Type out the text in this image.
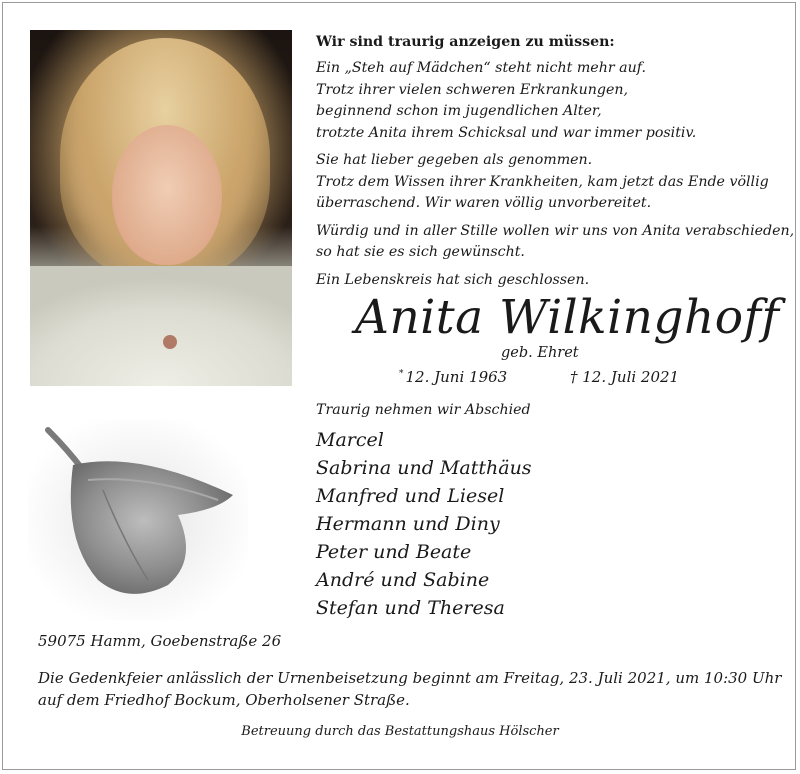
Wir sind traurig anzeigen zu müssen:
Ein „Steh auf Mädchen“ steht nicht mehr auf.
Trotz ihrer vielen schweren Erkrankungen,
beginnend schon im jugendlichen Alter,
trotzte Anita ihrem Schicksal und war immer positiv.
Sie hat lieber gegeben als genommen.
Trotz dem Wissen ihrer Krankheiten, kam jetzt das Ende völlig
überraschend. Wir waren völlig unvorbereitet.
Würdig und in aller Stille wollen wir uns von Anita verabschieden,
so hat sie es sich gewünscht.
Ein Lebenskreis hat sich geschlossen.
Anita Wilkinghoff
geb. Ehret
* 12. Juni 1963	† 12. Juli 2021
Traurig nehmen wir Abschied
Marcel
Sabrina und Matthäus
Manfred und Liesel
Hermann und Diny
Peter und Beate
André und Sabine
Stefan und Theresa
59075 Hamm, Goebenstraße 26
Die Gedenkfeier anlässlich der Urnenbeisetzung beginnt am Freitag, 23. Juli 2021, um 10:30 Uhr
auf dem Friedhof Bockum, Oberholsener Straße.
Betreuung durch das Bestattungshaus Hölscher
